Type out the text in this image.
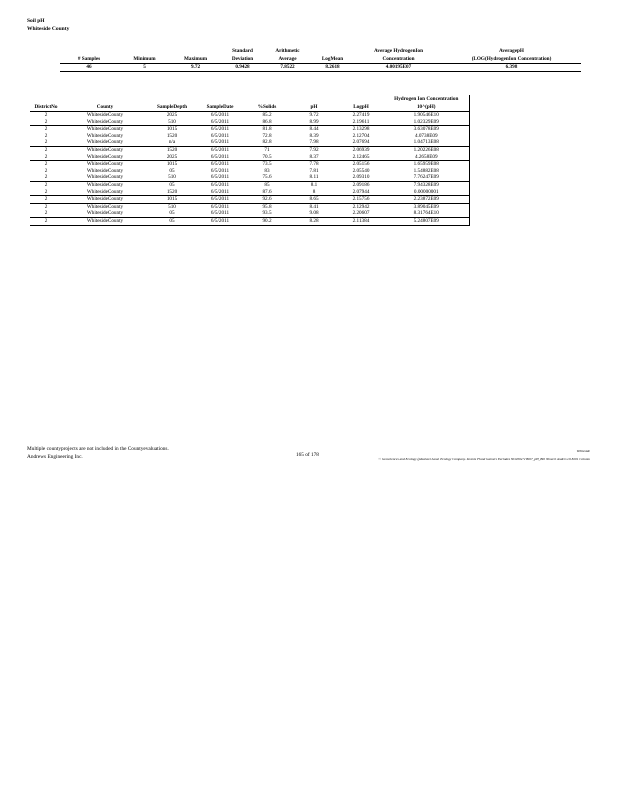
Soil pH
Whiteside County
			Standard	Arithmetic		Average HydrogenIon	AveragepH
# Samples	Minimum	Maximum	Deviation	Average	LogMean	Concentration	(LOG(HydrogenIon Concentration)
46	5	9.72	0.9428	7.8522	8.2618	4.00195E07	6.398
							Hydrogen Ion Concentration
DistrictNo	County	SampleDepth	SampleDate	%Solids	pH	LogpH	10^(pH)
2	WhitesideCounty	2025	6/5/2011	85.2	9.72	2.27419	1.90546E10
2	WhitesideCounty	510	6/5/2011	86.8	8.99	2.19611	1.02329E09
2	WhitesideCounty	1015	6/5/2011	81.8	8.44	2.13298	3.63078E09
2	WhitesideCounty	1520	6/5/2011	72.8	8.39	2.12704	4.0738E09
2	WhitesideCounty	n/a	6/5/2011	82.8	7.98	2.07694	1.04713E08
2	WhitesideCounty	1520	6/5/2011	71	7.92	2.06939	1.20226E08
2	WhitesideCounty	2025	6/5/2011	70.5	8.37	2.12465	4.2658E09
2	WhitesideCounty	1015	6/5/2011	73.5	7.78	2.05156	1.65959E08
2	WhitesideCounty	05	6/5/2011	83	7.81	2.05540	1.54882E08
2	WhitesideCounty	510	6/5/2011	75.6	8.11	2.09310	7.76247E09
2	WhitesideCounty	05	6/5/2011	85	8.1	2.09186	7.94328E09
2	WhitesideCounty	1520	6/5/2011	87.6	8	2.07944	0.00000001
2	WhitesideCounty	1015	6/5/2011	92.6	8.65	2.15756	2.23872E09
2	WhitesideCounty	510	6/5/2011	95.8	8.41	2.12942	3.89045E09
2	WhitesideCounty	05	6/5/2011	93.5	9.08	2.20607	8.31764E10
2	WhitesideCounty	05	6/5/2011	90.2	8.28	2.11384	5.24807E09
Multiple countyprojects are not included in the Countyevaluations.
Andrews Engineering Inc.	165 of 178
Whiteside
© Geosciences and Ecology (pdsaheet Land. Ecology Company. Ievents Flood Gainers Excludes NO2004 V Bill7_pH_Bill Nineeri Anders ell 8201 Column
